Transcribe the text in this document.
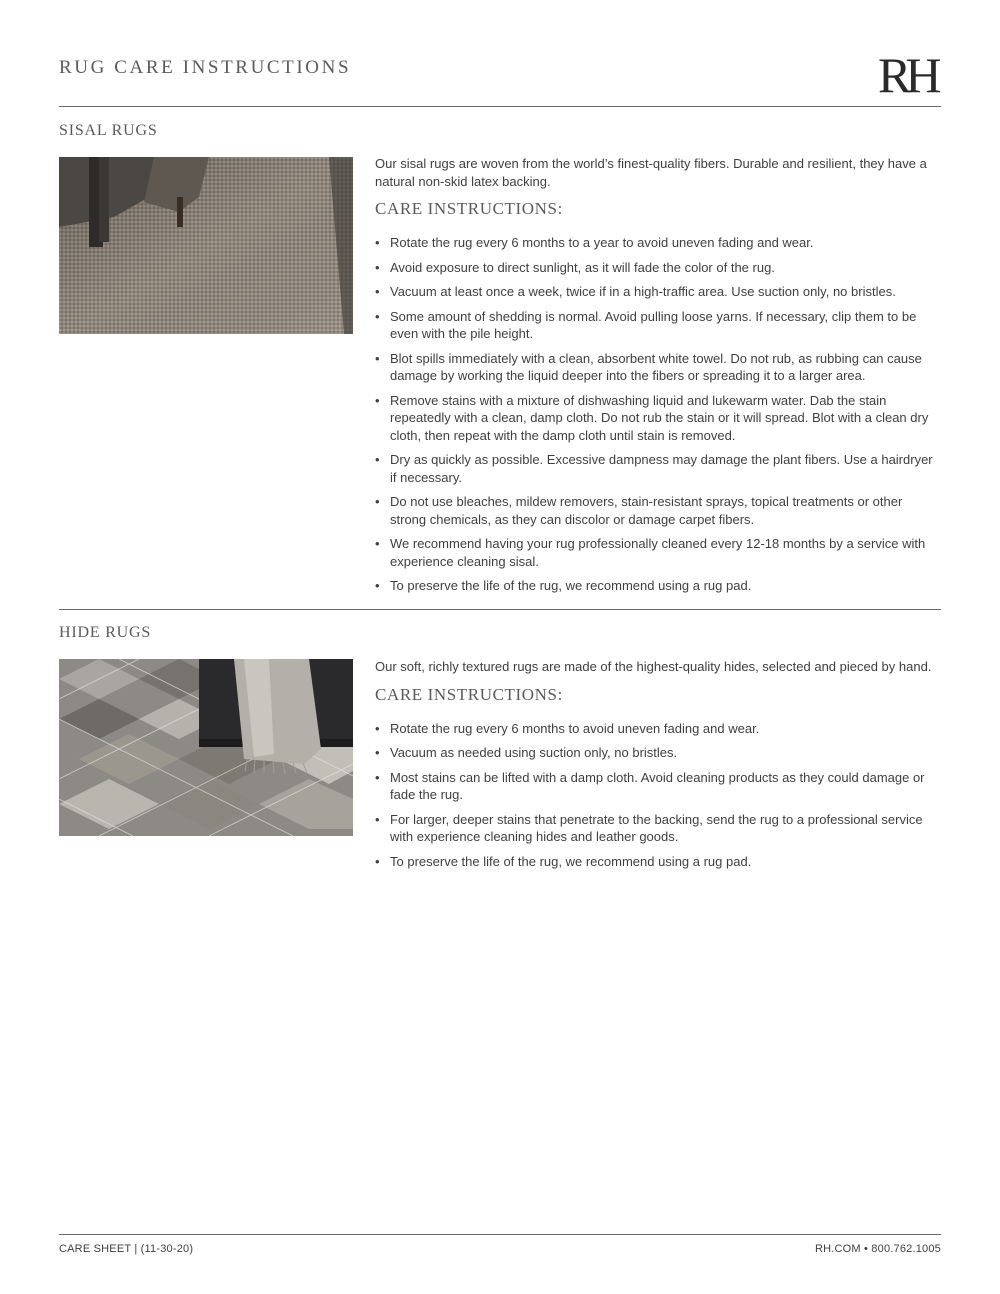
RUG CARE INSTRUCTIONS	RH
SISAL RUGS

Our sisal rugs are woven from the world’s finest-quality fibers. Durable and resilient, they have a natural non-skid latex backing.

CARE INSTRUCTIONS:
• Rotate the rug every 6 months to a year to avoid uneven fading and wear.
• Avoid exposure to direct sunlight, as it will fade the color of the rug.
• Vacuum at least once a week, twice if in a high-traffic area. Use suction only, no bristles.
• Some amount of shedding is normal. Avoid pulling loose yarns. If necessary, clip them to be even with the pile height.
• Blot spills immediately with a clean, absorbent white towel. Do not rub, as rubbing can cause damage by working the liquid deeper into the fibers or spreading it to a larger area.
• Remove stains with a mixture of dishwashing liquid and lukewarm water. Dab the stain repeatedly with a clean, damp cloth. Do not rub the stain or it will spread. Blot with a clean dry cloth, then repeat with the damp cloth until stain is removed.
• Dry as quickly as possible. Excessive dampness may damage the plant fibers. Use a hairdryer if necessary.
• Do not use bleaches, mildew removers, stain-resistant sprays, topical treatments or other strong chemicals, as they can discolor or damage carpet fibers.
• We recommend having your rug professionally cleaned every 12-18 months by a service with experience cleaning sisal.
• To preserve the life of the rug, we recommend using a rug pad.
HIDE RUGS

Our soft, richly textured rugs are made of the highest-quality hides, selected and pieced by hand.

CARE INSTRUCTIONS:
• Rotate the rug every 6 months to avoid uneven fading and wear.
• Vacuum as needed using suction only, no bristles.
• Most stains can be lifted with a damp cloth. Avoid cleaning products as they could damage or fade the rug.
• For larger, deeper stains that penetrate to the backing, send the rug to a professional service with experience cleaning hides and leather goods.
• To preserve the life of the rug, we recommend using a rug pad.
CARE SHEET | (11-30-20)	RH.COM • 800.762.1005
